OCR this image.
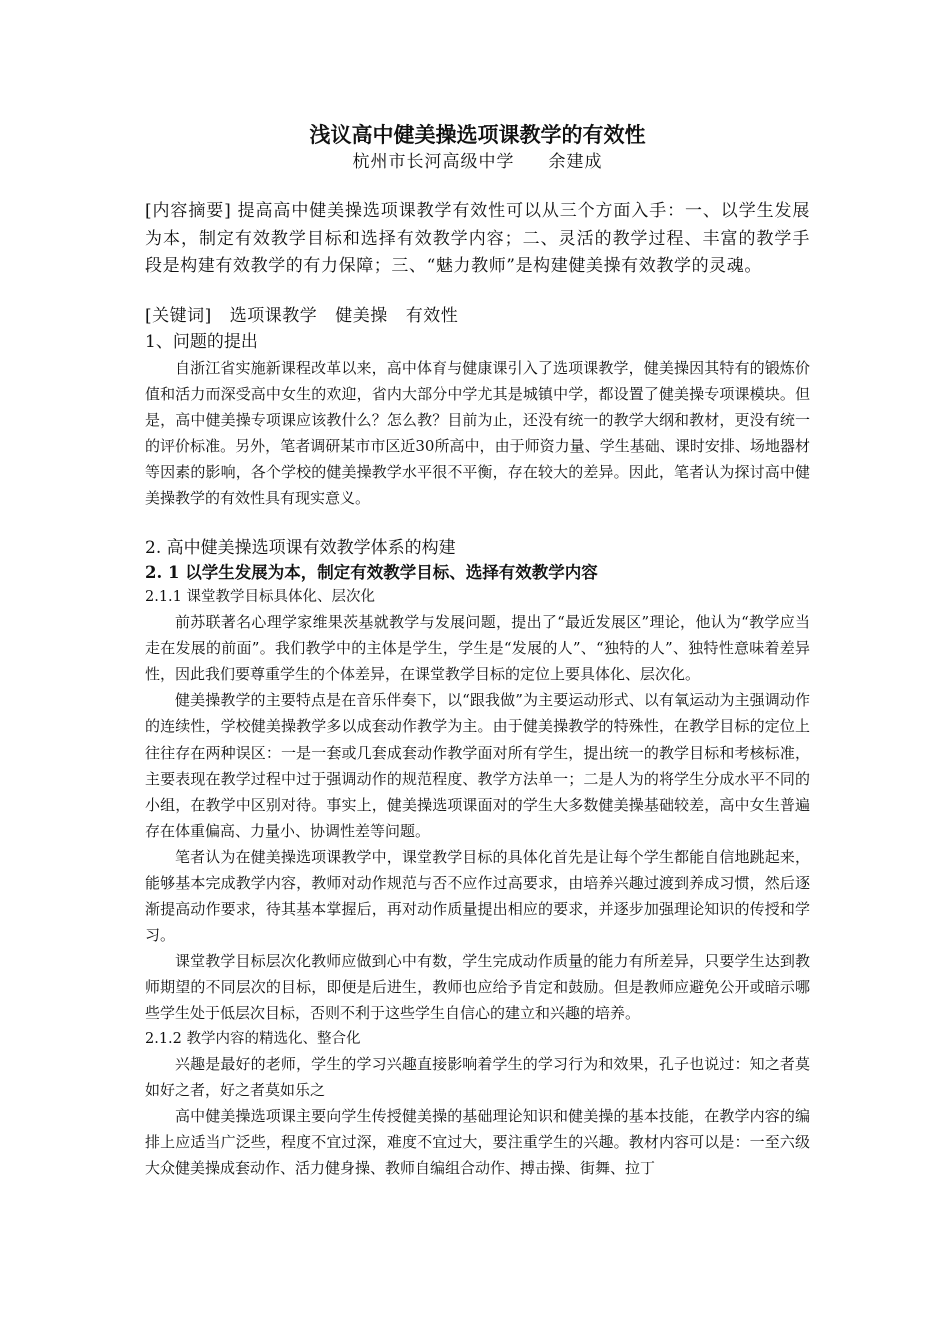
浅议高中健美操选项课教学的有效性

杭州市长河高级中学 余建成

[内容摘要] 提高高中健美操选项课教学有效性可以从三个方面入手：一、以学生发展为本，制定有效教学目标和选择有效教学内容；二、灵活的教学过程、丰富的教学手段是构建有效教学的有力保障；三、“魅力教师”是构建健美操有效教学的灵魂。

[关键词] 选项课教学 健美操 有效性

1、问题的提出

自浙江省实施新课程改革以来，高中体育与健康课引入了选项课教学，健美操因其特有的锻炼价值和活力而深受高中女生的欢迎，省内大部分中学尤其是城镇中学，都设置了健美操专项课模块。但是，高中健美操专项课应该教什么？怎么教？目前为止，还没有统一的教学大纲和教材，更没有统一的评价标准。另外，笔者调研某市市区近30所高中，由于师资力量、学生基础、课时安排、场地器材等因素的影响，各个学校的健美操教学水平很不平衡，存在较大的差异。因此，笔者认为探讨高中健美操教学的有效性具有现实意义。

2. 高中健美操选项课有效教学体系的构建

2. 1 以学生发展为本，制定有效教学目标、选择有效教学内容

2.1.1 课堂教学目标具体化、层次化

前苏联著名心理学家维果茨基就教学与发展问题，提出了“最近发展区”理论，他认为“教学应当走在发展的前面”。我们教学中的主体是学生，学生是“发展的人”、“独特的人”、独特性意味着差异性，因此我们要尊重学生的个体差异，在课堂教学目标的定位上要具体化、层次化。

健美操教学的主要特点是在音乐伴奏下，以“跟我做”为主要运动形式、以有氧运动为主强调动作的连续性，学校健美操教学多以成套动作教学为主。由于健美操教学的特殊性，在教学目标的定位上往往存在两种误区：一是一套或几套成套动作教学面对所有学生，提出统一的教学目标和考核标准，主要表现在教学过程中过于强调动作的规范程度、教学方法单一；二是人为的将学生分成水平不同的小组，在教学中区别对待。事实上，健美操选项课面对的学生大多数健美操基础较差，高中女生普遍存在体重偏高、力量小、协调性差等问题。

笔者认为在健美操选项课教学中，课堂教学目标的具体化首先是让每个学生都能自信地跳起来，能够基本完成教学内容，教师对动作规范与否不应作过高要求，由培养兴趣过渡到养成习惯，然后逐渐提高动作要求，待其基本掌握后，再对动作质量提出相应的要求，并逐步加强理论知识的传授和学习。

课堂教学目标层次化教师应做到心中有数，学生完成动作质量的能力有所差异，只要学生达到教师期望的不同层次的目标，即便是后进生，教师也应给予肯定和鼓励。但是教师应避免公开或暗示哪些学生处于低层次目标，否则不利于这些学生自信心的建立和兴趣的培养。

2.1.2 教学内容的精选化、整合化

兴趣是最好的老师，学生的学习兴趣直接影响着学生的学习行为和效果，孔子也说过：知之者莫如好之者，好之者莫如乐之

高中健美操选项课主要向学生传授健美操的基础理论知识和健美操的基本技能，在教学内容的编排上应适当广泛些，程度不宜过深，难度不宜过大，要注重学生的兴趣。教材内容可以是：一至六级大众健美操成套动作、活力健身操、教师自编组合动作、搏击操、街舞、拉丁
